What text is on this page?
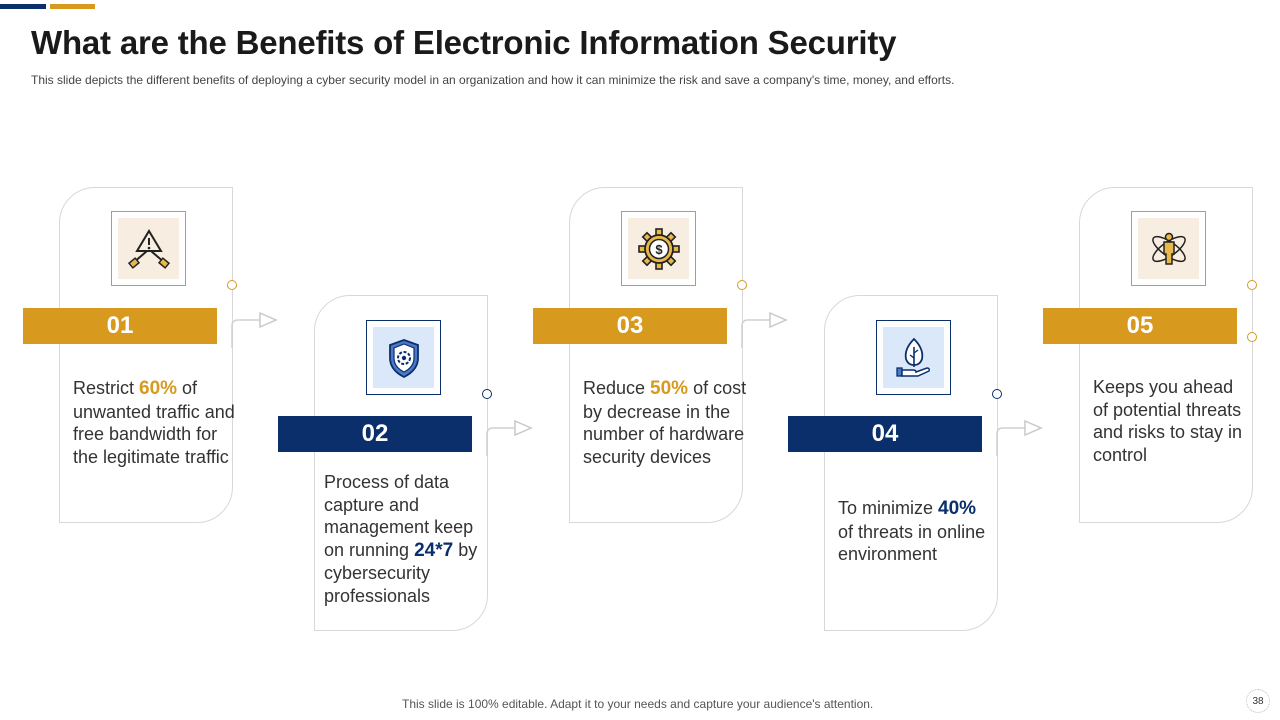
What are the Benefits of Electronic Information Security

This slide depicts the different benefits of deploying a cyber security model in an organization and how it can minimize the risk and save a company's time, money, and efforts.

01
Restrict 60% of unwanted traffic and free bandwidth for the legitimate traffic
02
Process of data capture and management keep on running 24*7 by cybersecurity professionals
$
03
Reduce 50% of cost by decrease in the number of hardware security devices
04
To minimize 40% of threats in online environment
05
Keeps you ahead of potential threats and risks to stay in control
This slide is 100% editable. Adapt it to your needs and capture your audience's attention.	38
